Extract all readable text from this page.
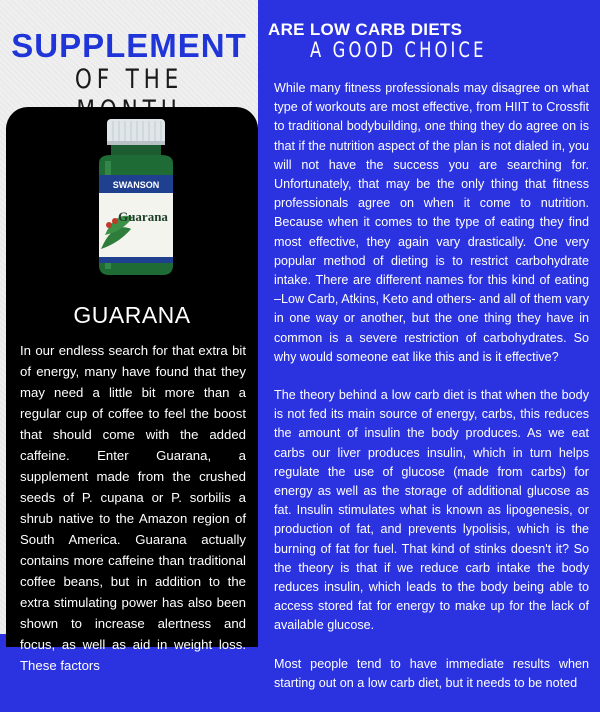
SUPPLEMENT
OF THE
SWANSON
Guarana
GUARANA
In our endless search for that extra bit of energy, many have found that they may need a little bit more than a regular cup of coffee to feel the boost that should come with the added caffeine. Enter Guarana, a supplement made from the crushed seeds of P. cupana or P. sorbilis a shrub native to the Amazon region of South America. Guarana actually contains more caffeine than traditional coffee beans, but in addition to the extra stimulating power has also been shown to increase alertness and focus, as well as aid in weight loss. These factors
ARE LOW CARB DIETS
A GOOD CHOICE

While many fitness professionals may disagree on what type of workouts are most effective, from HIIT to Crossfit to traditional bodybuilding, one thing they do agree on is that if the nutrition aspect of the plan is not dialed in, you will not have the success you are searching for. Unfortunately, that may be the only thing that fitness professionals agree on when it come to nutrition. Because when it comes to the type of eating they find most effective, they again vary drastically. One very popular method of dieting is to restrict carbohydrate intake. There are different names for this kind of eating –Low Carb, Atkins, Keto and others- and all of them vary in one way or another, but the one thing they have in common is a severe restriction of carbohydrates. So why would someone eat like this and is it effective?

The theory behind a low carb diet is that when the body is not fed its main source of energy, carbs, this reduces the amount of insulin the body produces. As we eat carbs our liver produces insulin, which in turn helps regulate the use of glucose (made from carbs) for energy as well as the storage of additional glucose as fat. Insulin stimulates what is known as lipogenesis, or production of fat, and prevents lypolisis, which is the burning of fat for fuel. That kind of stinks doesn't it? So the theory is that if we reduce carb intake the body reduces insulin, which leads to the body being able to access stored fat for energy to make up for the lack of available glucose.

Most people tend to have immediate results when starting out on a low carb diet, but it needs to be noted
